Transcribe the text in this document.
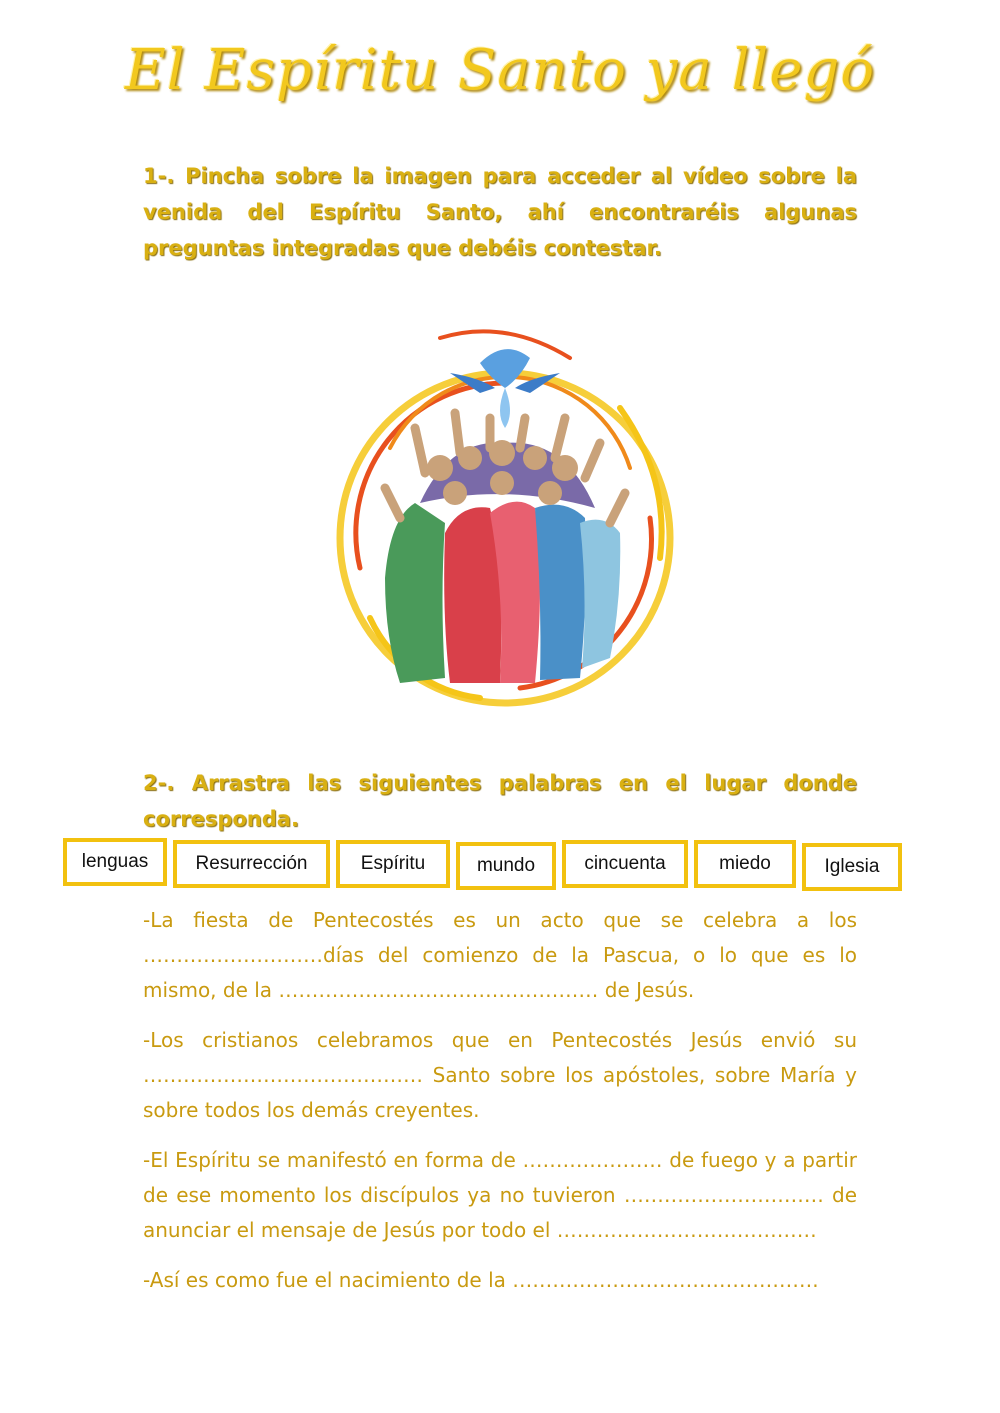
El Espíritu Santo ya llegó
1-. Pincha sobre la imagen para acceder al vídeo sobre la venida del Espíritu Santo, ahí encontraréis algunas preguntas integradas que debéis contestar.
2-. Arrastra las siguientes palabras en el lugar donde corresponda.
lenguas	Resurrección	Espíritu	mundo	cincuenta	miedo	Iglesia
-La fiesta de Pentecostés es un acto que se celebra a los ………………………días del comienzo de la Pascua, o lo que es lo mismo, de la ………………………………………… de Jesús.
-Los cristianos celebramos que en Pentecostés Jesús envió su …………………………………… Santo sobre los apóstoles, sobre María y sobre todos los demás creyentes.
-El Espíritu se manifestó en forma de ………………… de fuego y a partir de ese momento los discípulos ya no tuvieron ………………………… de anunciar el mensaje de Jesús por todo el …………………………………
-Así es como fue el nacimiento de la ……………………………………….
